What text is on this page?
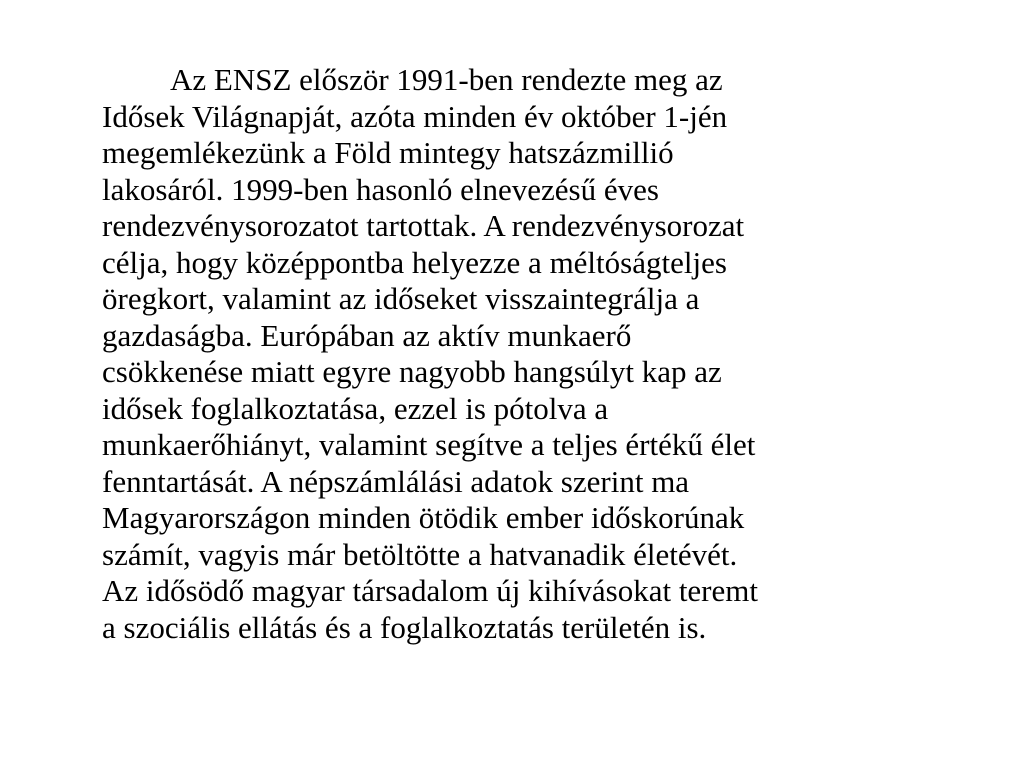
Az ENSZ először 1991-ben rendezte meg az
Idősek Világnapját, azóta minden év október 1-jén
megemlékezünk a Föld mintegy hatszázmillió
lakosáról. 1999-ben hasonló elnevezésű éves
rendezvénysorozatot tartottak. A rendezvénysorozat
célja, hogy középpontba helyezze a méltóságteljes
öregkort, valamint az időseket visszaintegrálja a
gazdaságba. Európában az aktív munkaerő
csökkenése miatt egyre nagyobb hangsúlyt kap az
idősek foglalkoztatása, ezzel is pótolva a
munkaerőhiányt, valamint segítve a teljes értékű élet
fenntartását. A népszámlálási adatok szerint ma
Magyarországon minden ötödik ember időskorúnak
számít, vagyis már betöltötte a hatvanadik életévét.
Az idősödő magyar társadalom új kihívásokat teremt
a szociális ellátás és a foglalkoztatás területén is.
